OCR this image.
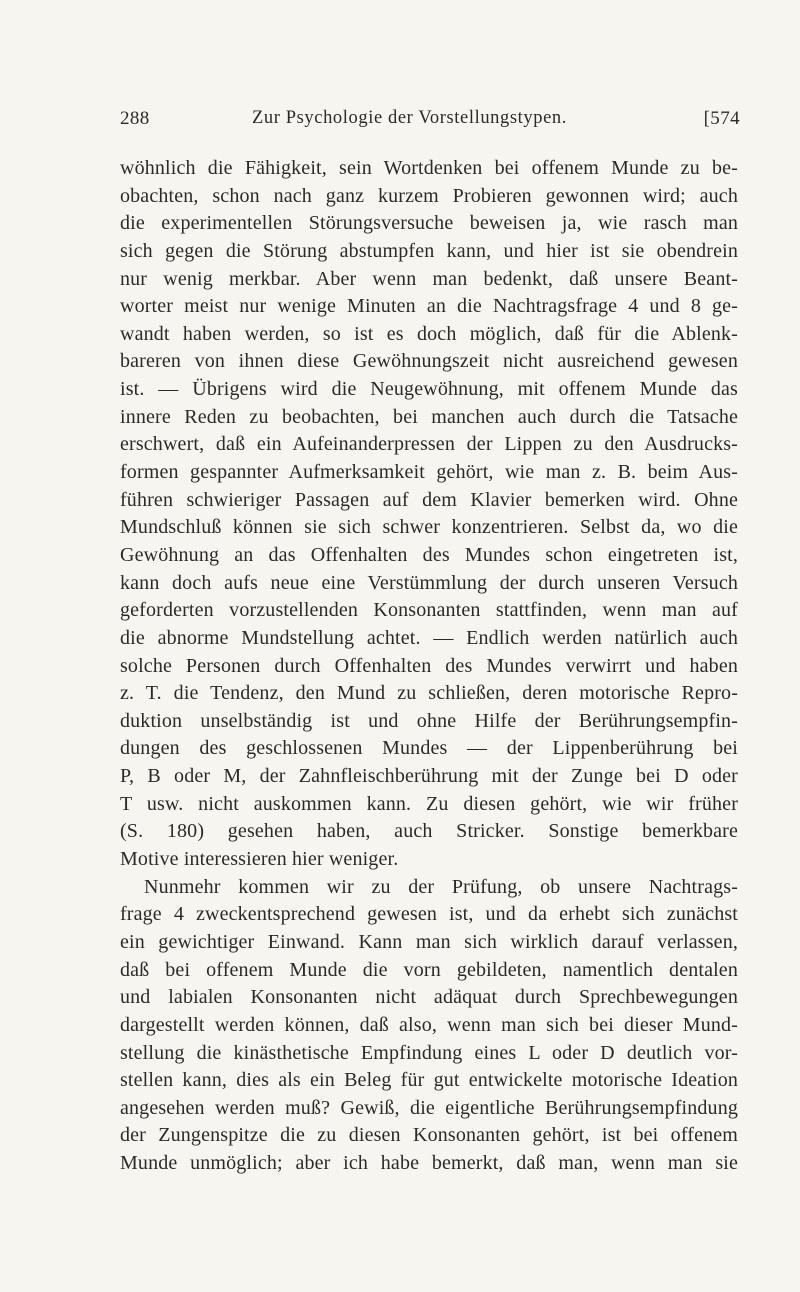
288	Zur Psychologie der Vorstellungstypen.	[574
wöhnlich die Fähigkeit, sein Wortdenken bei offenem Munde zu be-
obachten, schon nach ganz kurzem Probieren gewonnen wird; auch
die experimentellen Störungsversuche beweisen ja, wie rasch man
sich gegen die Störung abstumpfen kann, und hier ist sie obendrein
nur wenig merkbar. Aber wenn man bedenkt, daß unsere Beant-
worter meist nur wenige Minuten an die Nachtragsfrage 4 und 8 ge-
wandt haben werden, so ist es doch möglich, daß für die Ablenk-
bareren von ihnen diese Gewöhnungszeit nicht ausreichend gewesen
ist. — Übrigens wird die Neugewöhnung, mit offenem Munde das
innere Reden zu beobachten, bei manchen auch durch die Tatsache
erschwert, daß ein Aufeinanderpressen der Lippen zu den Ausdrucks-
formen gespannter Aufmerksamkeit gehört, wie man z. B. beim Aus-
führen schwieriger Passagen auf dem Klavier bemerken wird. Ohne
Mundschluß können sie sich schwer konzentrieren. Selbst da, wo die
Gewöhnung an das Offenhalten des Mundes schon eingetreten ist,
kann doch aufs neue eine Verstümmlung der durch unseren Versuch
geforderten vorzustellenden Konsonanten stattfinden, wenn man auf
die abnorme Mundstellung achtet. — Endlich werden natürlich auch
solche Personen durch Offenhalten des Mundes verwirrt und haben
z. T. die Tendenz, den Mund zu schließen, deren motorische Repro-
duktion unselbständig ist und ohne Hilfe der Berührungsempfin-
dungen des geschlossenen Mundes — der Lippenberührung bei
P, B oder M, der Zahnfleischberührung mit der Zunge bei D oder
T usw. nicht auskommen kann. Zu diesen gehört, wie wir früher
(S. 180) gesehen haben, auch Stricker. Sonstige bemerkbare
Motive interessieren hier weniger.
Nunmehr kommen wir zu der Prüfung, ob unsere Nachtrags-
frage 4 zweckentsprechend gewesen ist, und da erhebt sich zunächst
ein gewichtiger Einwand. Kann man sich wirklich darauf verlassen,
daß bei offenem Munde die vorn gebildeten, namentlich dentalen
und labialen Konsonanten nicht adäquat durch Sprechbewegungen
dargestellt werden können, daß also, wenn man sich bei dieser Mund-
stellung die kinästhetische Empfindung eines L oder D deutlich vor-
stellen kann, dies als ein Beleg für gut entwickelte motorische Ideation
angesehen werden muß? Gewiß, die eigentliche Berührungsempfindung
der Zungenspitze die zu diesen Konsonanten gehört, ist bei offenem
Munde unmöglich; aber ich habe bemerkt, daß man, wenn man sie
